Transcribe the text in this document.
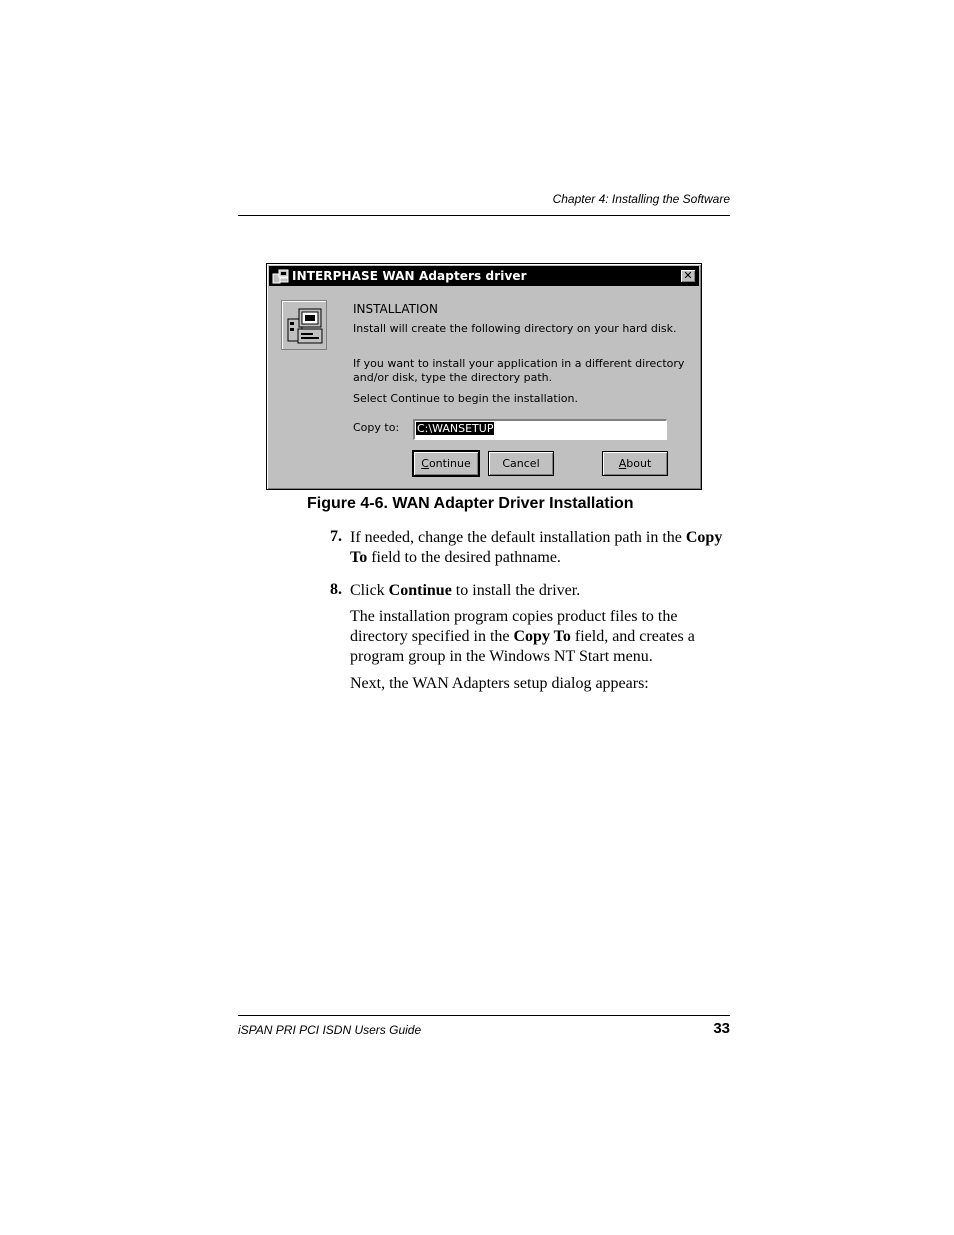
Chapter 4: Installing the Software
INTERPHASE WAN Adapters driver	✕
INSTALLATION
Install will create the following directory on your hard disk.
If you want to install your application in a different directory
and/or disk, type the directory path.
Select Continue to begin the installation.
Copy to:	C:\WANSETUP
Continue	Cancel	About
Figure 4-6. WAN Adapter Driver Installation
7. If needed, change the default installation path in the Copy To field to the desired pathname.
8. Click Continue to install the driver.
The installation program copies product files to the directory specified in the Copy To field, and creates a program group in the Windows NT Start menu.
Next, the WAN Adapters setup dialog appears:
iSPAN PRI PCI ISDN Users Guide	33
